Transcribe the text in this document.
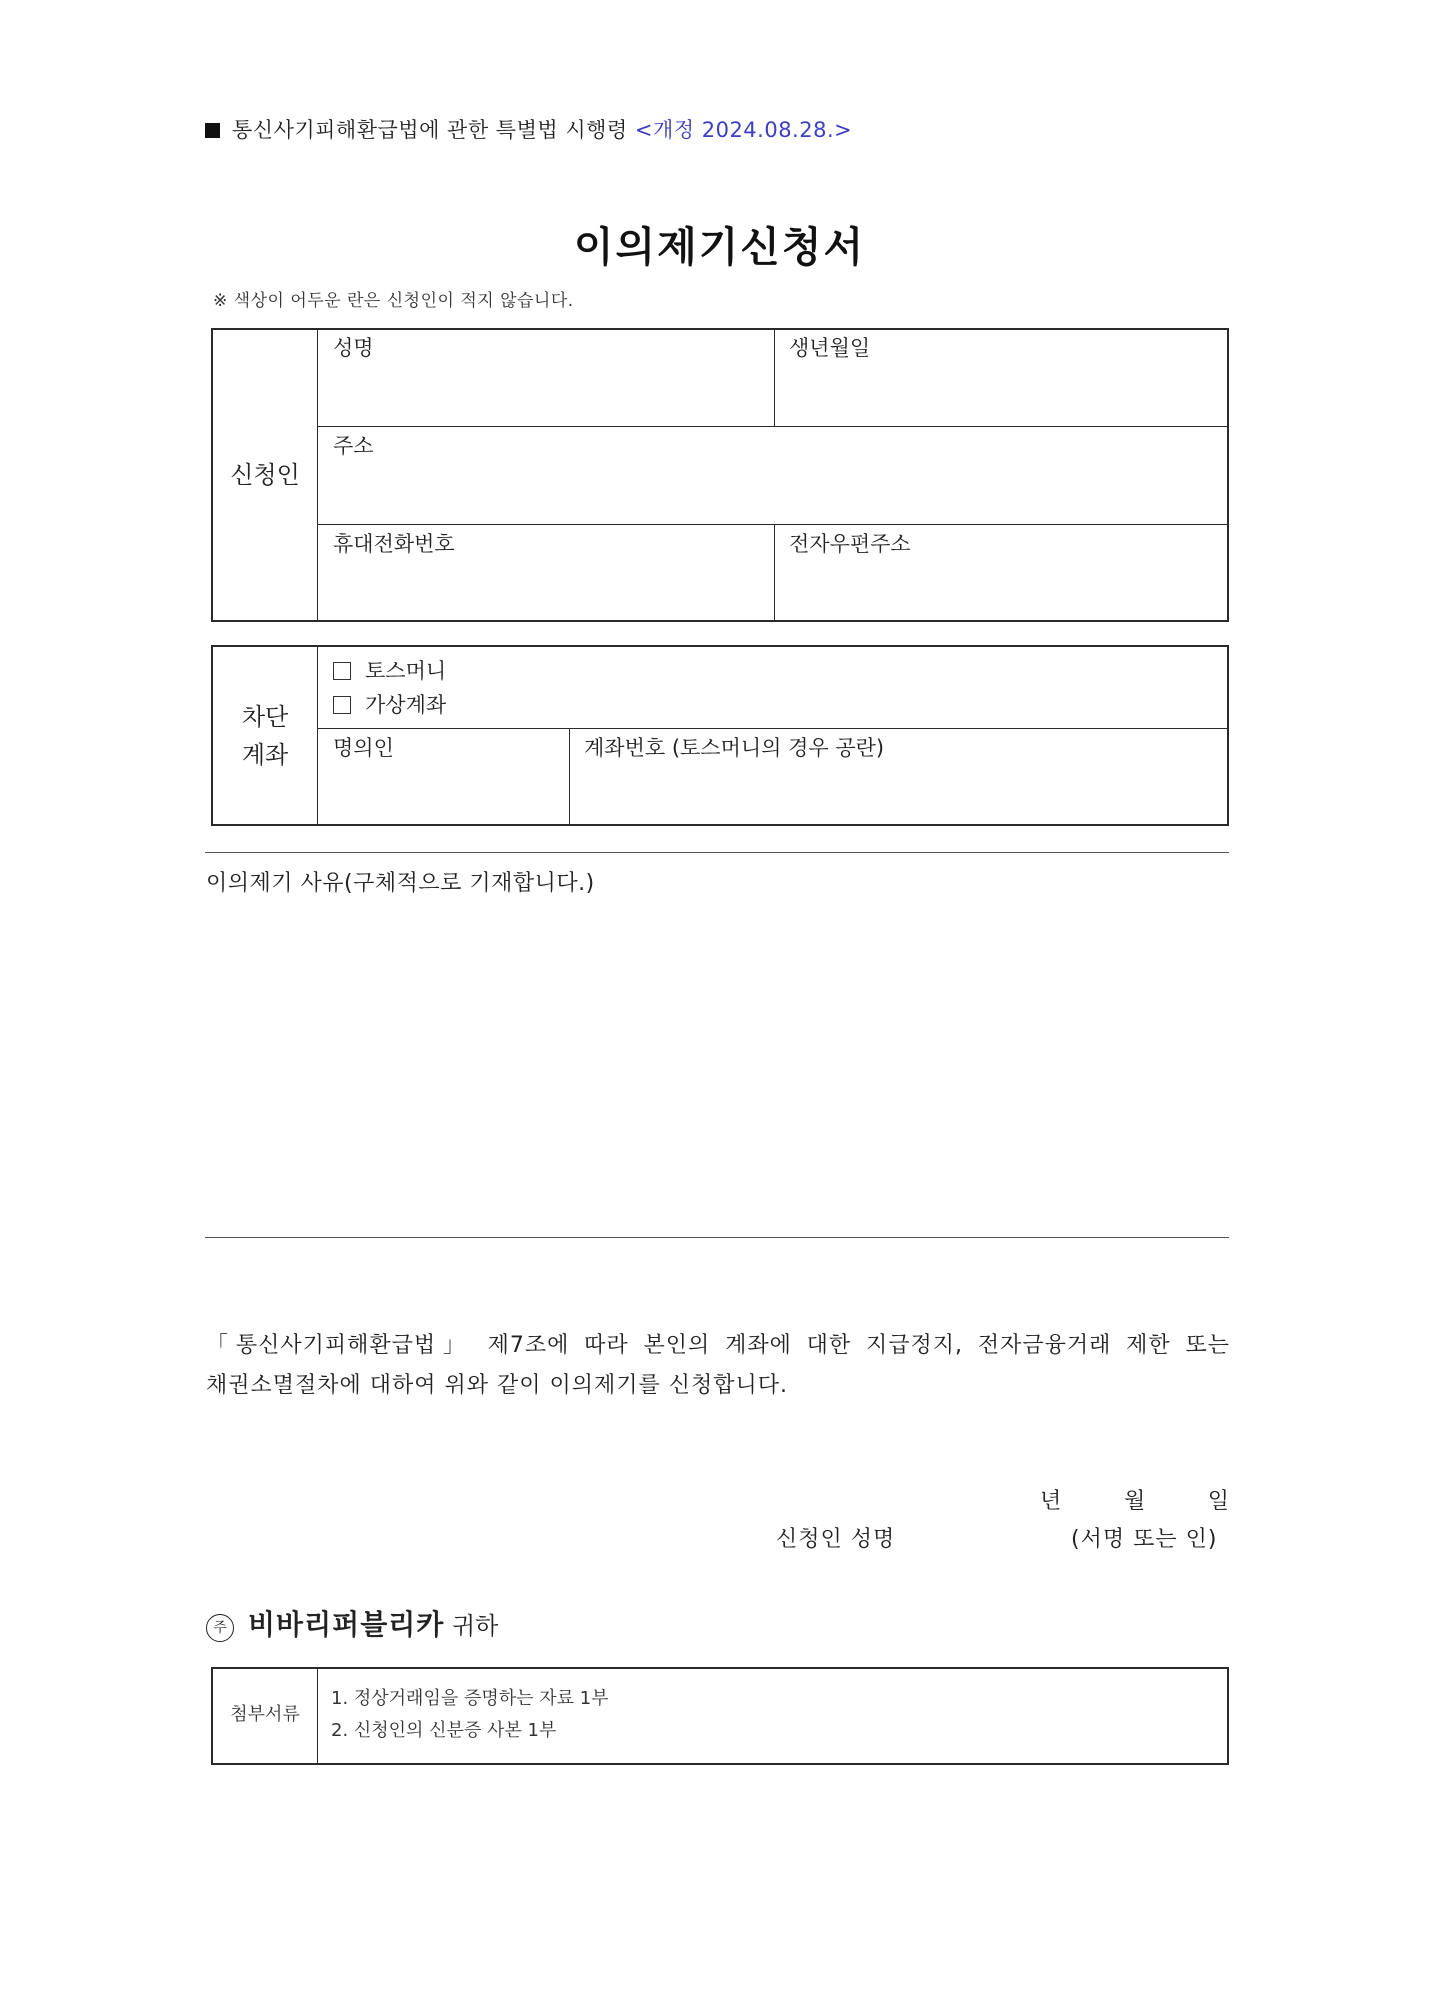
통신사기피해환급법에 관한 특별법 시행령 <개정 2024.08.28.>
이의제기신청서
※ 색상이 어두운 란은 신청인이 적지 않습니다.
신청인
성명	생년월일
주소
휴대전화번호	전자우편주소
차단
계좌
토스머니
가상계좌
명의인	계좌번호 (토스머니의 경우 공란)
이의제기 사유(구체적으로 기재합니다.)
「통신사기피해환급법」 제7조에 따라 본인의 계좌에 대한 지급정지, 전자금융거래 제한 또는
채권소멸절차에 대하여 위와 같이 이의제기를 신청합니다.
년	월	일
신청인 성명	(서명 또는 인)
주 비바리퍼블리카 귀하
첨부서류
1. 정상거래임을 증명하는 자료 1부
2. 신청인의 신분증 사본 1부
